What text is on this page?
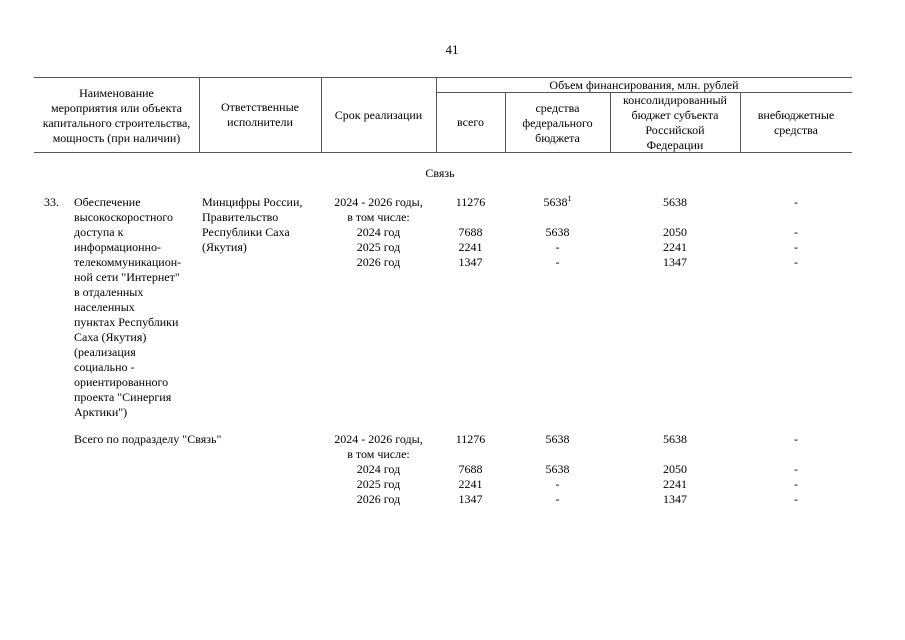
41
Наименование
мероприятия или объекта
капитального строительства,
мощность (при наличии)
Ответственные
исполнители	Срок реализации
Объем финансирования, млн. рублей
всего
средства
федерального
бюджета
консолидированный
бюджет субъекта
Российской
Федерации
внебюджетные
средства
Связь
33. Обеспечение
высокоскоростного
доступа к
информационно-
телекоммуникацион-
ной сети "Интернет"
в отдаленных
населенных
пунктах Республики
Саха (Якутия)
(реализация
социально -
ориентированного
проекта "Синергия
Арктики")
Минцифры России,
Правительство
Республики Саха
(Якутия)
2024 - 2026 годы,
в том числе:
2024 год
2025 год
2026 год
11276
7688
2241
1347
5638$^1$
5638
-
-
5638
2050
2241
1347
-
-
-
-
Всего по подразделу "Связь"	2024 - 2026 годы,
в том числе:
2024 год
2025 год
2026 год
11276
7688
2241
1347
5638
5638
-
-
5638
2050
2241
1347
-
-
-
-
